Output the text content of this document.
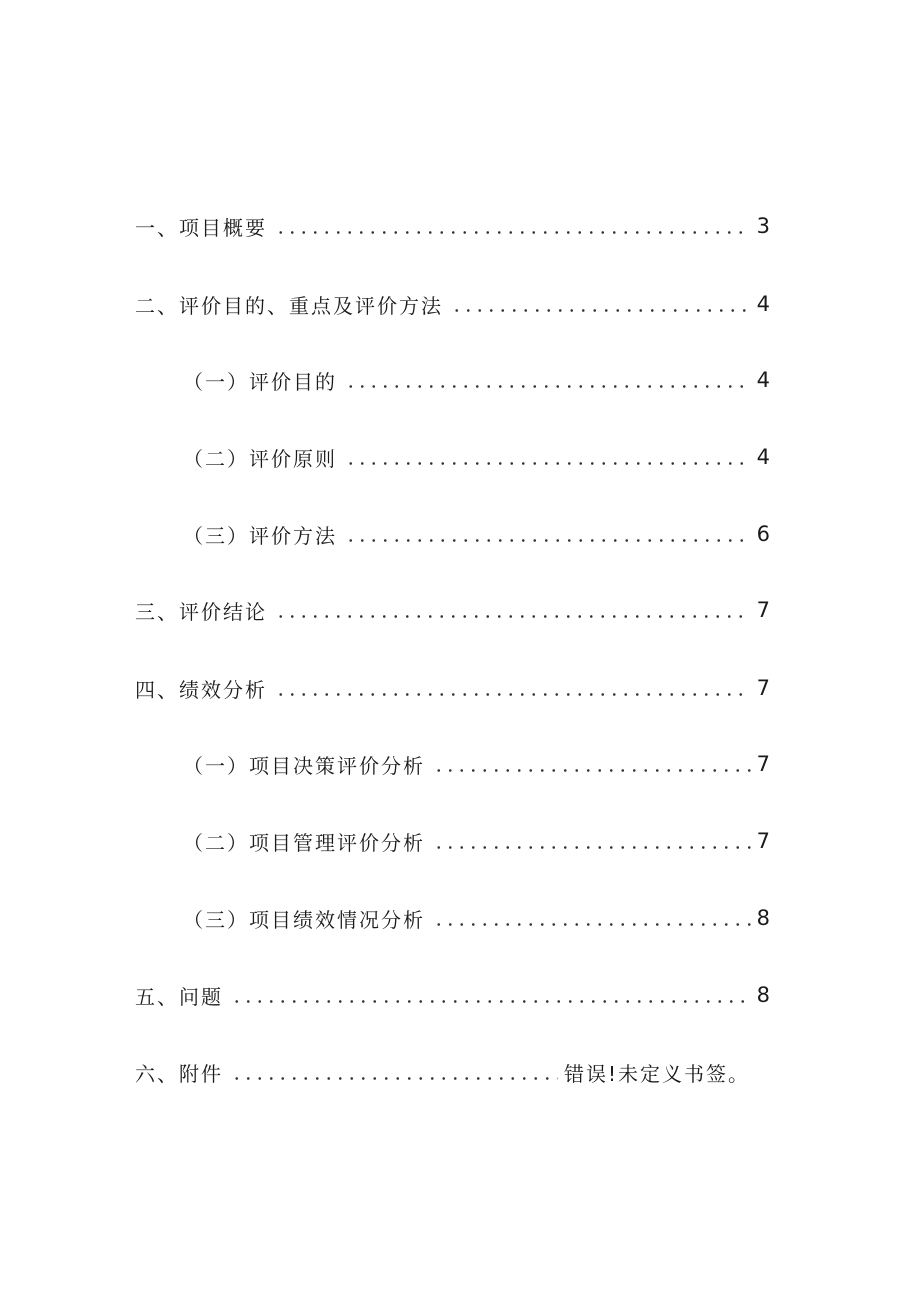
一、项目概要	3
二、评价目的、重点及评价方法	4
（一）评价目的	4
（二）评价原则	4
（三）评价方法	6
三、评价结论	7
四、绩效分析	7
（一）项目决策评价分析	7
（二）项目管理评价分析	7
（三）项目绩效情况分析	8
五、问题	8
六、附件	错误!未定义书签。
